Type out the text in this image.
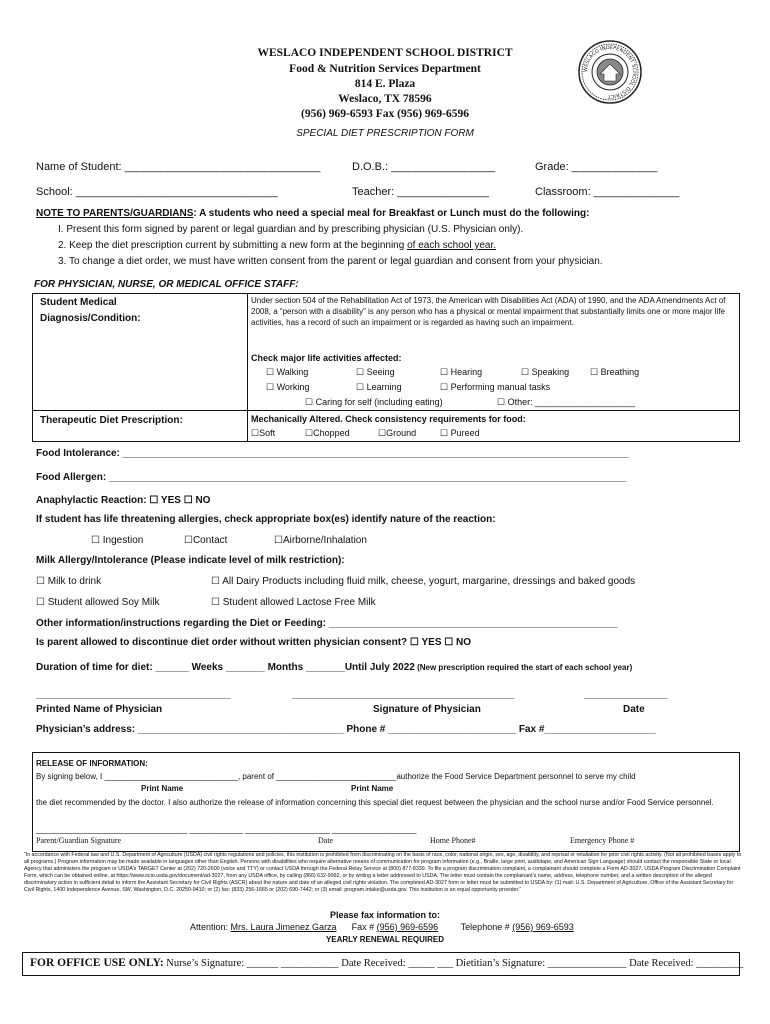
WESLACO INDEPENDENT SCHOOL DISTRICT
Food & Nutrition Services Department
814 E. Plaza
Weslaco, TX 78596
(956) 969-6593 Fax (956) 969-6596
SPECIAL DIET PRESCRIPTION FORM
WESLACO INDEPENDENT SCHOOL DISTRICT
Name of Student: ________________________________	D.O.B.: _________________	Grade: ______________
School: _________________________________	Teacher: _______________	Classroom: ______________
NOTE TO PARENTS/GUARDIANS: A students who need a special meal for Breakfast or Lunch must do the following:
I. Present this form signed by parent or legal guardian and by prescribing physician (U.S. Physician only).
2. Keep the diet prescription current by submitting a new form at the beginning of each school year.
3. To change a diet order, we must have written consent from the parent or legal guardian and consent from your physician.
FOR PHYSICIAN, NURSE, OR MEDICAL OFFICE STAFF:
Student Medical
Diagnosis/Condition:
Under section 504 of the Rehabilitation Act of 1973, the American with Disabilities Act (ADA) of 1990, and the ADA Amendments Act of 2008, a “person with a disability” is any person who has a physical or mental impairment that substantially limits one or more major life activities, has a record of such an impairment or is regarded as having such an impairment.
Check major life activities affected:
☐ Walking	☐ Seeing	☐ Hearing	☐ Speaking ☐ Breathing
☐ Working	☐ Learning	☐ Performing manual tasks
☐ Caring for self (including eating)	☐ Other: ____________________
Therapeutic Diet Prescription:	Mechanically Altered. Check consistency requirements for food:
☐Soft	☐Chopped	☐Ground	☐ Pureed
Food Intolerance: ___________________________________________________________________________________________
Food Allergen: _____________________________________________________________________________________________
Anaphylactic Reaction: ☐ YES ☐ NO
If student has life threatening allergies, check appropriate box(es) identify nature of the reaction:
☐ Ingestion	☐Contact	☐Airborne/Inhalation
Milk Allergy/Intolerance (Please indicate level of milk restriction):
☐ Milk to drink	☐ All Dairy Products including fluid milk, cheese, yogurt, margarine, dressings and baked goods
☐ Student allowed Soy Milk	☐ Student allowed Lactose Free Milk
Other information/instructions regarding the Diet or Feeding: ____________________________________________________
Is parent allowed to discontinue diet order without written physician consent? ☐ YES ☐ NO
Duration of time for diet: ______ Weeks _______ Months _______Until July 2022 (New prescription required the start of each school year)
___________________________________	________________________________________	_______________
Printed Name of Physician	Signature of Physician	Date
Physician’s address: _____________________________________ Phone # _______________________ Fax #____________________
RELEASE OF INFORMATION:
By signing below, I ______________________________, parent of ___________________________authorize the Food Service Department personnel to serve my child
Print Name	Print Name
the diet recommended by the doctor. I also authorize the release of information concerning this special diet request between the physician and the school nurse and/or Food Service personnel.
__________________________________ ____________ ___________________ ___________________
Parent/Guardian Signature	Date	Home Phone#	Emergency Phone #
“In accordance with Federal law and U.S. Department of Agriculture (USDA) civil rights regulations and policies, this institution is prohibited from discriminating on the basis of race, color, national origin, sex, age, disability, and reprisal or retaliation for prior civil rights activity. (Not all prohibited bases apply to all programs.) Program information may be made available in languages other than English. Persons with disabilities who require alternative means of communication for program information (e.g., Braille, large print, audiotape, and American Sign Language) should contact the responsible State or local Agency that administers the program or USDA’s TARGET Center at (202) 720-2600 (voice and TTY) or contact USDA through the Federal Relay Service at (800) 877-8339. To file a program discrimination complaint, a complainant should complete a Form AD-3027, USDA Program Discrimination Complaint Form, which can be obtained online, at https://www.ocio.usda.gov/document/ad-3027, from any USDA office, by calling (866) 632-9992, or by writing a letter addressed to USDA. The letter must contain the complainant’s name, address, telephone number, and a written description of the alleged discriminatory action in sufficient detail to inform the Assistant Secretary for Civil Rights (ASCR) about the nature and date of an alleged civil rights violation. The completed AD-3027 form or letter must be submitted to USDA by: (1) mail: U.S. Department of Agriculture, Office of the Assistant Secretary for Civil Rights, 1400 Independence Avenue, SW, Washington, D.C. 20250-9410; or (2) fax: (833) 256-1665 or (202) 690-7442; or (3) email: program.intake@usda.gov. This institution is an equal opportunity provider.”
Please fax information to:
Attention: Mrs. Laura Jimenez Garza Fax # (956) 969-6596	Telephone # (956) 969-6593
YEARLY RENEWAL REQUIRED
FOR OFFICE USE ONLY: Nurse’s Signature: ______ ___________ Date Received: _____ ___ Dietitian’s Signature: _______________ Date Received: _________
